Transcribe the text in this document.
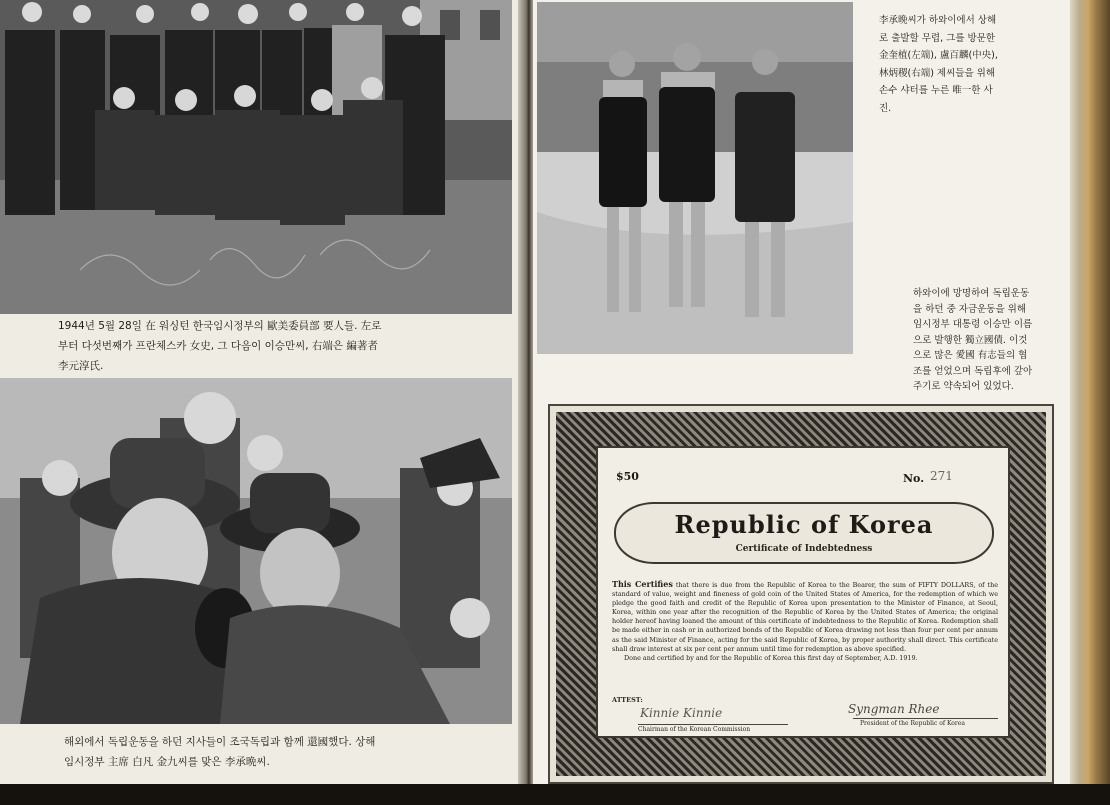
1944년 5월 28일 在 워싱턴 한국임시정부의 歐美委員部 要人들. 左로
부터 다섯번째가 프란체스카 女史, 그 다음이 이승만씨, 右端은 編著者
李元淳氏.
해외에서 독립운동을 하던 지사들이 조국독립과 함께 還國했다. 상해
임시정부 主席 白凡 金九씨를 맞은 李承晩씨.
李承晩씨가 하와이에서 상해
로 출발할 무렵, 그를 방문한
金奎植(左端), 盧百麟(中央),
林炳稷(右端) 제씨들을 위해
손수 샤터를 누른 唯一한 사
진.
하와이에 망명하여 독립운동
을 하던 중 자금운동을 위해
임시정부 대통령 이승만 이름
으로 발행한 獨立國債. 이것
으로 많은 愛國 有志들의 협
조를 얻었으며 독립후에 갚아
주기로 약속되어 있었다.
$50	No. 271
Republic of Korea
Certificate of Indebtedness
This Certifies that there is due from the Republic of Korea to the Bearer, the sum of FIFTY DOLLARS, of the standard of value, weight and fineness of gold coin of the United States of America, for the redemption of which we pledge the good faith and credit of the Republic of Korea upon presentation to the Minister of Finance, at Seoul, Korea, within one year after the recognition of the Republic of Korea by the United States of America; the original holder hereof having loaned the amount of this certificate of indebtedness to the Republic of Korea. Redemption shall be made either in cash or in authorized bonds of the Republic of Korea drawing not less than four per cent per annum as the said Minister of Finance, acting for the said Republic of Korea, by proper authority shall direct. This certificate shall draw interest at six per cent per annum until time for redemption as above specified.
Done and certified by and for the Republic of Korea this first day of September, A.D. 1919.
ATTEST:
Kinnie Kinnie	Syngman Rhee
Chairman of the Korean Commission
President of the Republic of Korea
